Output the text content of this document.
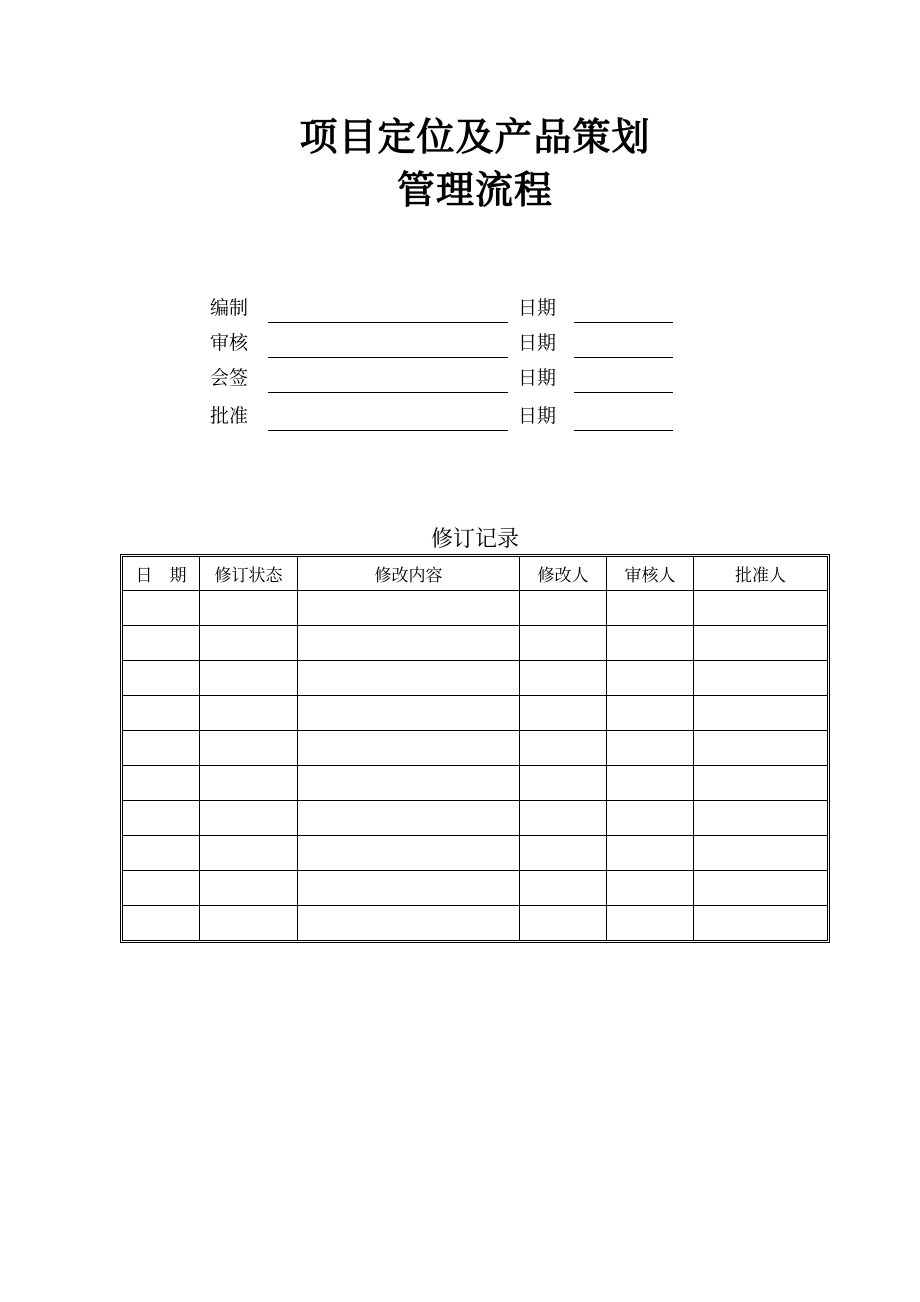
项目定位及产品策划
管理流程
编制	日期
审核	日期
会签	日期
批准	日期
修订记录
日　期	修订状态	修改内容	修改人	审核人	批准人
